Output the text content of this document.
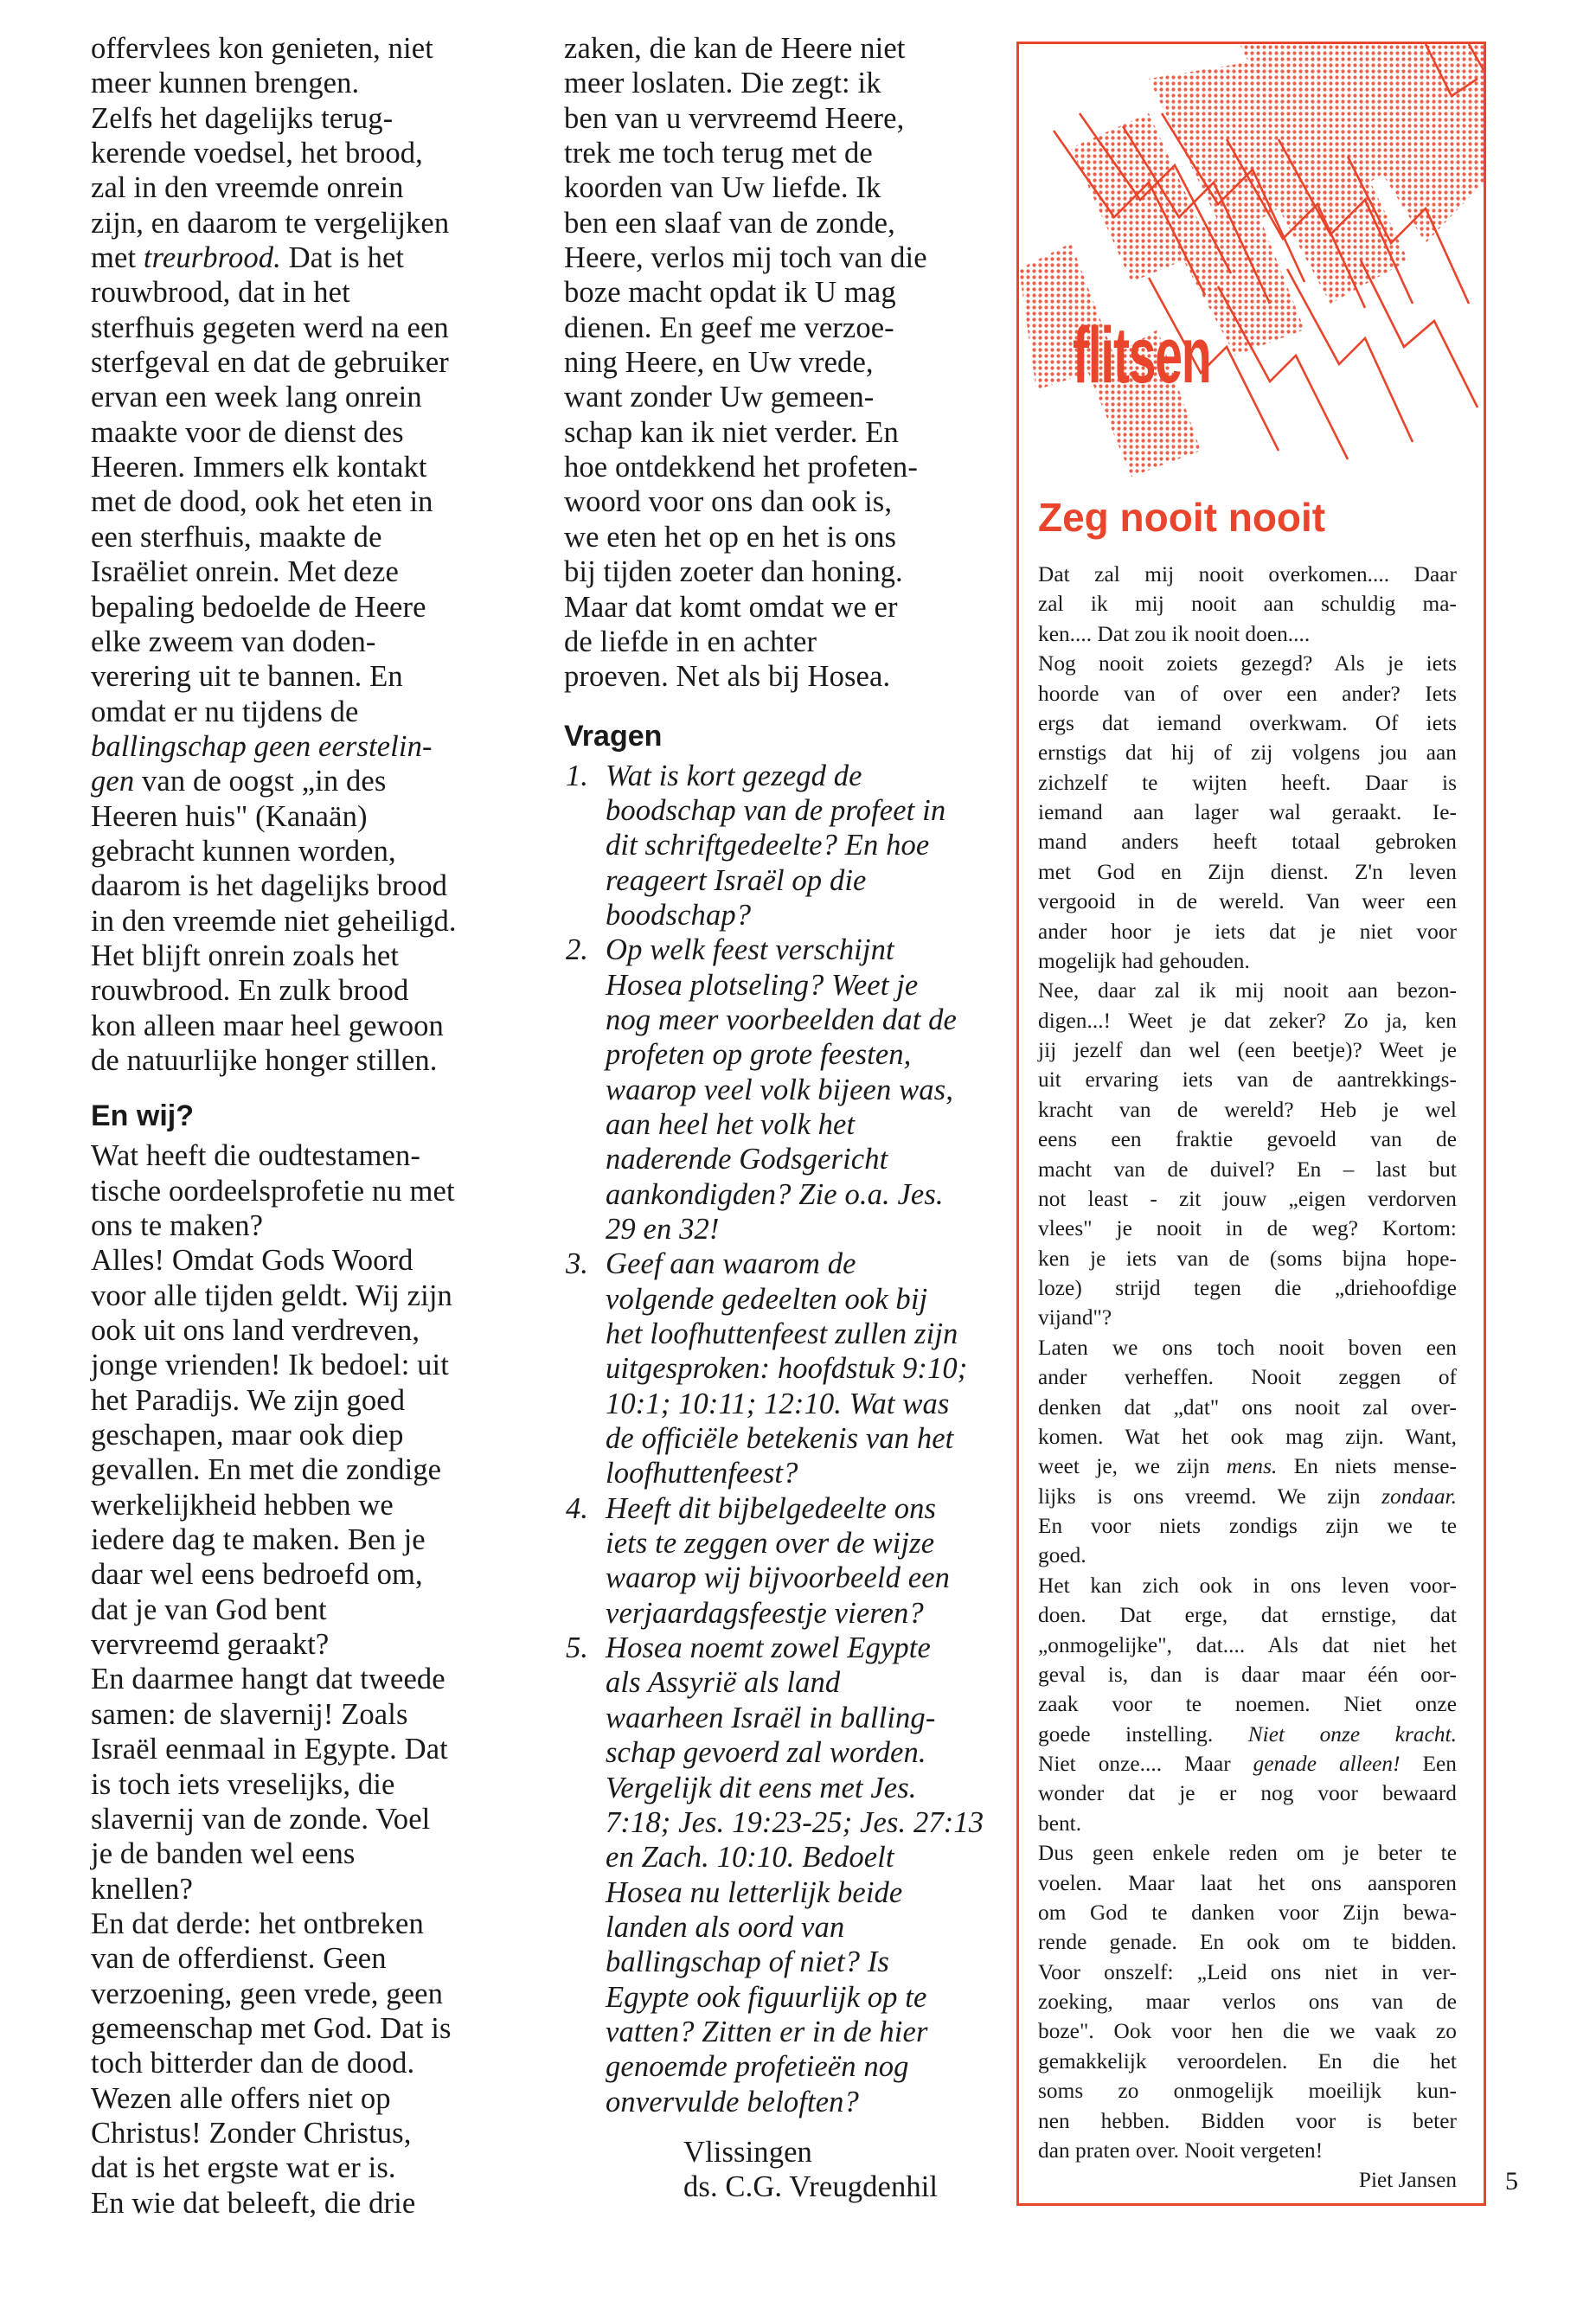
offervlees kon genieten, niet

meer kunnen brengen.

Zelfs het dagelijks terug-

kerende voedsel, het brood,

zal in den vreemde onrein

zijn, en daarom te vergelijken

met treurbrood. Dat is het

rouwbrood, dat in het

sterfhuis gegeten werd na een

sterfgeval en dat de gebruiker

ervan een week lang onrein

maakte voor de dienst des

Heeren. Immers elk kontakt

met de dood, ook het eten in

een sterfhuis, maakte de

Israëliet onrein. Met deze

bepaling bedoelde de Heere

elke zweem van doden-

verering uit te bannen. En

omdat er nu tijdens de

ballingschap geen eerstelin-

gen van de oogst „in des

Heeren huis" (Kanaän)

gebracht kunnen worden,

daarom is het dagelijks brood

in den vreemde niet geheiligd.

Het blijft onrein zoals het

rouwbrood. En zulk brood

kon alleen maar heel gewoon

de natuurlijke honger stillen.

En wij?

Wat heeft die oudtestamen-

tische oordeelsprofetie nu met

ons te maken?

Alles! Omdat Gods Woord

voor alle tijden geldt. Wij zijn

ook uit ons land verdreven,

jonge vrienden! Ik bedoel: uit

het Paradijs. We zijn goed

geschapen, maar ook diep

gevallen. En met die zondige

werkelijkheid hebben we

iedere dag te maken. Ben je

daar wel eens bedroefd om,

dat je van God bent

vervreemd geraakt?

En daarmee hangt dat tweede

samen: de slavernij! Zoals

Israël eenmaal in Egypte. Dat

is toch iets vreselijks, die

slavernij van de zonde. Voel

je de banden wel eens

knellen?

En dat derde: het ontbreken

van de offerdienst. Geen

verzoening, geen vrede, geen

gemeenschap met God. Dat is

toch bitterder dan de dood.

Wezen alle offers niet op

Christus! Zonder Christus,

dat is het ergste wat er is.

En wie dat beleeft, die drie

zaken, die kan de Heere niet

meer loslaten. Die zegt: ik

ben van u vervreemd Heere,

trek me toch terug met de

koorden van Uw liefde. Ik

ben een slaaf van de zonde,

Heere, verlos mij toch van die

boze macht opdat ik U mag

dienen. En geef me verzoe-

ning Heere, en Uw vrede,

want zonder Uw gemeen-

schap kan ik niet verder. En

hoe ontdekkend het profeten-

woord voor ons dan ook is,

we eten het op en het is ons

bij tijden zoeter dan honing.

Maar dat komt omdat we er

de liefde in en achter

proeven. Net als bij Hosea.

Vragen
1. Wat is kort gezegd de

boodschap van de profeet in

dit schriftgedeelte? En hoe

reageert Israël op die

boodschap?

2. Op welk feest verschijnt

Hosea plotseling? Weet je

nog meer voorbeelden dat de

profeten op grote feesten,

waarop veel volk bijeen was,

aan heel het volk het

naderende Godsgericht

aankondigden? Zie o.a. Jes.

29 en 32!

3. Geef aan waarom de

volgende gedeelten ook bij

het loofhuttenfeest zullen zijn

uitgesproken: hoofdstuk 9:10;

10:1; 10:11; 12:10. Wat was

de officiële betekenis van het

loofhuttenfeest?

4. Heeft dit bijbelgedeelte ons

iets te zeggen over de wijze

waarop wij bijvoorbeeld een

verjaardagsfeestje vieren?

5. Hosea noemt zowel Egypte

als Assyrië als land

waarheen Israël in balling-

schap gevoerd zal worden.

Vergelijk dit eens met Jes.

7:18; Jes. 19:23-25; Jes. 27:13

en Zach. 10:10. Bedoelt

Hosea nu letterlijk beide

landen als oord van

ballingschap of niet? Is

Egypte ook figuurlijk op te

vatten? Zitten er in de hier

genoemde profetieën nog

onvervulde beloften?

Vlissingen

ds. C.G. Vreugdenhil

flitsen
Zeg nooit nooit

Dat zal mij nooit overkomen.... Daar

zal ik mij nooit aan schuldig ma-

ken.... Dat zou ik nooit doen....

Nog nooit zoiets gezegd? Als je iets

hoorde van of over een ander? Iets

ergs dat iemand overkwam. Of iets

ernstigs dat hij of zij volgens jou aan

zichzelf te wijten heeft. Daar is

iemand aan lager wal geraakt. Ie-

mand anders heeft totaal gebroken

met God en Zijn dienst. Z'n leven

vergooid in de wereld. Van weer een

ander hoor je iets dat je niet voor

mogelijk had gehouden.

Nee, daar zal ik mij nooit aan bezon-

digen...! Weet je dat zeker? Zo ja, ken

jij jezelf dan wel (een beetje)? Weet je

uit ervaring iets van de aantrekkings-

kracht van de wereld? Heb je wel

eens een fraktie gevoeld van de

macht van de duivel? En – last but

not least - zit jouw „eigen verdorven

vlees" je nooit in de weg? Kortom:

ken je iets van de (soms bijna hope-

loze) strijd tegen die „driehoofdige

vijand"?

Laten we ons toch nooit boven een

ander verheffen. Nooit zeggen of

denken dat „dat" ons nooit zal over-

komen. Wat het ook mag zijn. Want,

weet je, we zijn mens. En niets mense-

lijks is ons vreemd. We zijn zondaar.

En voor niets zondigs zijn we te

goed.

Het kan zich ook in ons leven voor-

doen. Dat erge, dat ernstige, dat

„onmogelijke", dat.... Als dat niet het

geval is, dan is daar maar één oor-

zaak voor te noemen. Niet onze

goede instelling. Niet onze kracht.

Niet onze.... Maar genade alleen! Een

wonder dat je er nog voor bewaard

bent.

Dus geen enkele reden om je beter te

voelen. Maar laat het ons aansporen

om God te danken voor Zijn bewa-

rende genade. En ook om te bidden.

Voor onszelf: „Leid ons niet in ver-

zoeking, maar verlos ons van de

boze". Ook voor hen die we vaak zo

gemakkelijk veroordelen. En die het

soms zo onmogelijk moeilijk kun-

nen hebben. Bidden voor is beter

dan praten over. Nooit vergeten!

Piet Jansen 5
